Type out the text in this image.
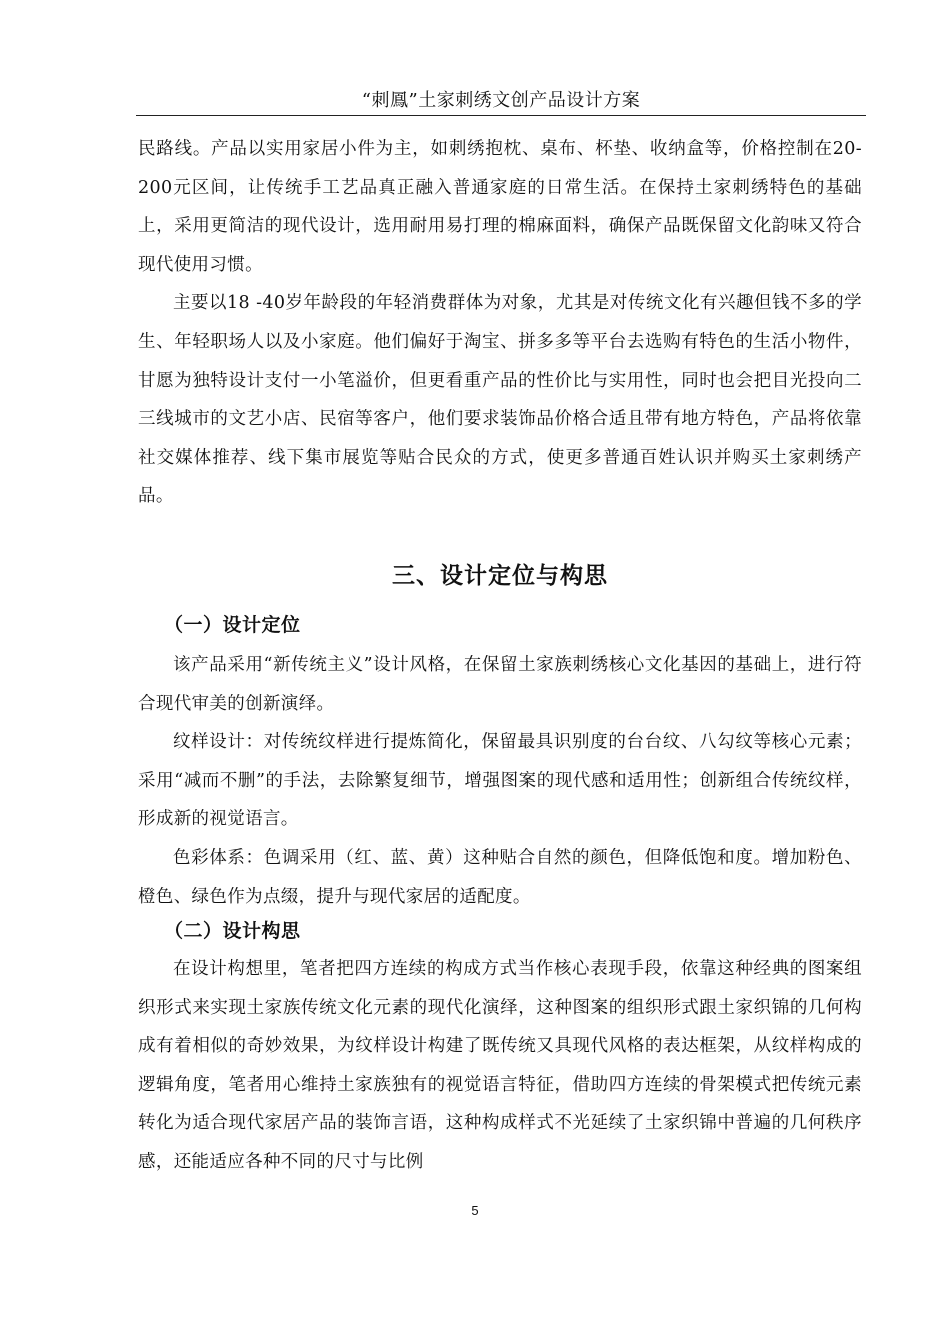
“刺鳳”土家刺绣文创产品设计方案

民路线。产品以实用家居小件为主，如刺绣抱枕、桌布、杯垫、收纳盒等，价格控制在20-200元区间，让传统手工艺品真正融入普通家庭的日常生活。在保持土家刺绣特色的基础上，采用更简洁的现代设计，选用耐用易打理的棉麻面料，确保产品既保留文化韵味又符合现代使用习惯。

主要以18 -40岁年龄段的年轻消费群体为对象，尤其是对传统文化有兴趣但钱不多的学生、年轻职场人以及小家庭。他们偏好于淘宝、拼多多等平台去选购有特色的生活小物件，甘愿为独特设计支付一小笔溢价，但更看重产品的性价比与实用性，同时也会把目光投向二三线城市的文艺小店、民宿等客户，他们要求装饰品价格合适且带有地方特色，产品将依靠社交媒体推荐、线下集市展览等贴合民众的方式，使更多普通百姓认识并购买土家刺绣产品。

三、设计定位与构思
（一）设计定位

该产品采用“新传统主义”设计风格，在保留土家族刺绣核心文化基因的基础上，进行符合现代审美的创新演绎。

纹样设计：对传统纹样进行提炼简化，保留最具识别度的台台纹、八勾纹等核心元素；采用“减而不删”的手法，去除繁复细节，增强图案的现代感和适用性；创新组合传统纹样，形成新的视觉语言。

色彩体系：色调采用（红、蓝、黄）这种贴合自然的颜色，但降低饱和度。增加粉色、橙色、绿色作为点缀，提升与现代家居的适配度。

（二）设计构思

在设计构想里，笔者把四方连续的构成方式当作核心表现手段，依靠这种经典的图案组织形式来实现土家族传统文化元素的现代化演绎，这种图案的组织形式跟土家织锦的几何构成有着相似的奇妙效果，为纹样设计构建了既传统又具现代风格的表达框架，从纹样构成的逻辑角度，笔者用心维持土家族独有的视觉语言特征，借助四方连续的骨架模式把传统元素转化为适合现代家居产品的装饰言语，这种构成样式不光延续了土家织锦中普遍的几何秩序感，还能适应各种不同的尺寸与比例

5
